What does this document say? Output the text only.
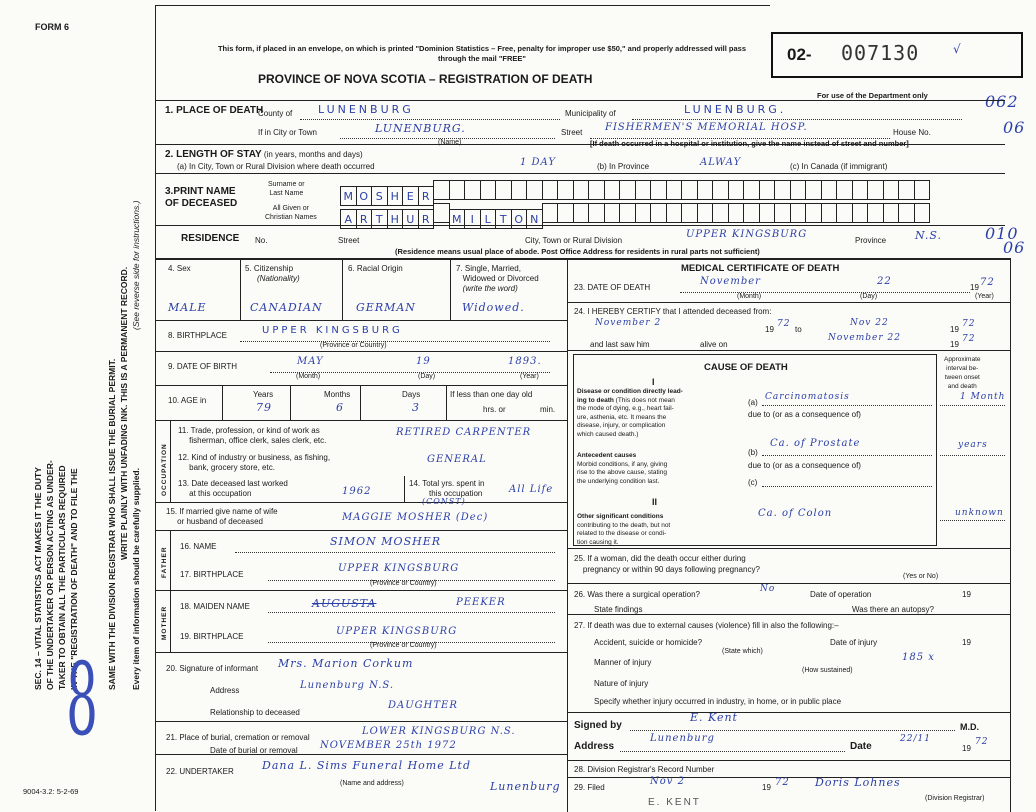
FORM 6
This form, if placed in an envelope, on which is printed "Dominion Statistics – Free, penalty for improper use $50," and properly addressed will pass through the mail "FREE"
PROVINCE OF NOVA SCOTIA – REGISTRATION OF DEATH
02- 007130	√
For use of the Department only	062
06
010
06
SEC. 14 – VITAL STATISTICS ACT MAKES IT THE DUTY OF THE UNDERTAKER OR PERSON ACTING AS UNDER- TAKER TO OBTAIN ALL THE PARTICULARS REQUIRED IN THE "REGISTRATION OF DEATH" AND TO FILE THE	SAME WITH THE DIVISION REGISTRAR WHO SHALL ISSUE THE BURIAL PERMIT. WRITE PLAINLY WITH UNFADING INK. THIS IS A PERMANENT RECORD.
(See reverse side for instructions.)
Every item of information should be carefully supplied.
8
9004-3.2: 5-2-69
1. PLACE OF DEATH
County of LUNENBURG	Municipality of	LUNENBURG.
If in City or Town	LUNENBURG.
(Name)
Street FISHERMEN'S MEMORIAL HOSP.	House No.
[If death occurred in a hospital or institution, give the name instead of street and number]
2. LENGTH OF STAY (in years, months and days)
(a) In City, Town or Rural Division where death occurred	1 DAY	(b) In Province	ALWAY	(c) In Canada (if immigrant)
3.PRINT NAME
OF DECEASED
Surname or
Last Name
All Given or
Christian Names
M O S H E R
A R T H U R M I L T O N
RESIDENCE No.	Street	City, Town or Rural Division
UPPER KINGSBURG
Province	N.S.
(Residence means usual place of abode. Post Office Address for residents in rural parts not sufficient)
4. Sex
MALE
5. Citizenship
(Nationality)
CANADIAN
6. Racial Origin
GERMAN
7. Single, Married,
Widowed or Divorced
(write the word)
Widowed.
8. BIRTHPLACE	UPPER KINGSBURG
(Province or Country)
9. DATE OF BIRTH	MAY	19	1893.
(Month)	(Day)	(Year)
10. AGE in
Years
79
Months
6
Days
3
If less than one day old
hrs. or	min.
OCCUPATION
11. Trade, profession, or kind of work as
fisherman, office clerk, sales clerk, etc.
RETIRED CARPENTER
12. Kind of industry or business, as fishing,
bank, grocery store, etc.
GENERAL
13. Date deceased last worked
at this occupation	1962
14. Total yrs. spent in
this occupation	All Life
(CONST)
15. If married give name of wife
or husband of deceased	MAGGIE MOSHER (Dec)
FATHER 16. NAME	SIMON MOSHER
17. BIRTHPLACE
UPPER KINGSBURG
(Province or Country)
MOTHER 18. MAIDEN NAME	AUGUSTA	PEEKER
19. BIRTHPLACE	UPPER KINGSBURG
(Province or Country)
20. Signature of informant Mrs. Marion Corkum
Address	Lunenburg N.S.
Relationship to deceased
DAUGHTER
21. Place of burial, cremation or removal
LOWER KINGSBURG N.S.
Date of burial or removal NOVEMBER 25th 1972
22. UNDERTAKER	Dana L. Sims Funeral Home Ltd
Lunenburg
(Name and address)
MEDICAL CERTIFICATE OF DEATH
23. DATE OF DEATH
November	22
19 72
(Month)	(Day)	(Year)
24. I HEREBY CERTIFY that I attended deceased from:
November 2
19
72
to
Nov 22
19
72
and last saw him	alive on
November 22
19
72
CAUSE OF DEATH
Approximate
interval be-
tween onset
and death
I
Disease or condition directly lead-
ing to death (This does not mean
the mode of dying, e.g., heart fail-
ure, asthenia, etc. It means the
disease, injury, or complication
which caused death.)
(a)
Carcinomatosis	1 Month
due to (or as a consequence of)
Antecedent causes
Morbid conditions, if any, giving
rise to the above cause, stating
the underlying condition last.
(b)
Ca. of Prostate	years
due to (or as a consequence of)
(c)
II
Other significant conditions
contributing to the death, but not
related to the disease or condi-
tion causing it.
Ca. of Colon	unknown
25. If a woman, did the death occur either during
pregnancy or within 90 days following pregnancy?
(Yes or No)
26. Was there a surgical operation?
No
Date of operation	19
State findings	Was there an autopsy?
27. If death was due to external causes (violence) fill in also the following:–
Accident, suicide or homicide?	Date of injury	19
(State which)
Manner of injury	185 x
(How sustained)
Nature of injury
Specify whether injury occurred in industry, in home, or in public place
Signed by
E. Kent
M.D.
Address
Lunenburg
Date
22/11
19
72
28. Division Registrar's Record Number
29. Filed
Nov 2
19 72 Doris Lohnes
(Division Registrar)
E. KENT
